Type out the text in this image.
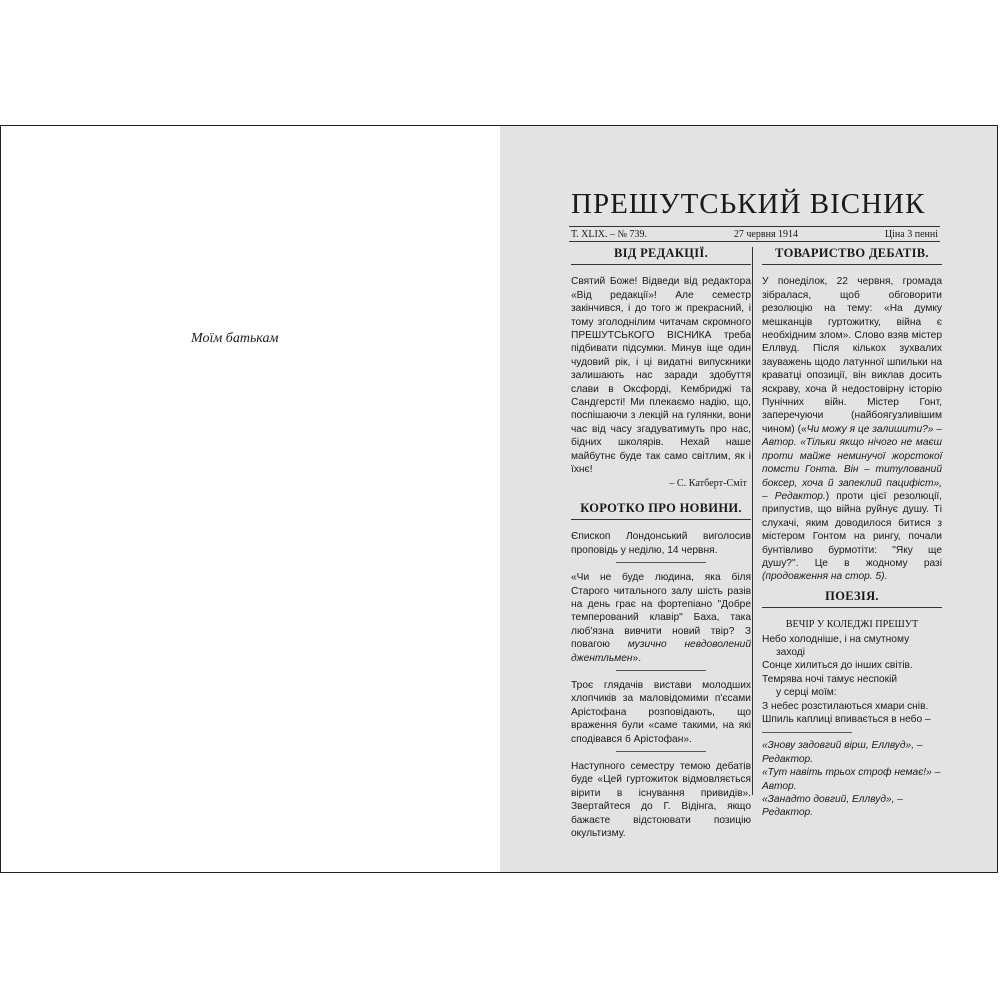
Моїм батькам
ПРЕШУТСЬКИЙ ВІСНИК
Т. XLIX. – № 739.	27 червня 1914	Ціна 3 пенні
ВІД РЕДАКЦІЇ.

Святий Боже! Відведи від редактора «Від редакції»! Але семестр закінчився, і до того ж прекрасний, і тому зголоднілим читачам скромного ПРЕШУТСЬКОГО ВІСНИКА треба підбивати підсумки. Минув іще один чудовий рік, і ці видатні випускники залишають нас заради здобуття слави в Оксфорді, Кембриджі та Сандгерсті! Ми плекаємо надію, що, поспішаючи з лекцій на гулянки, вони час від часу згадуватимуть про нас, бідних школярів. Нехай наше майбутнє буде так само світлим, як і їхнє!

– С. Катберт-Сміт

КОРОТКО ПРО НОВИНИ.

Єпископ Лондонський виголосив проповідь у неділю, 14 червня.

«Чи не буде людина, яка біля Старого читального залу шість разів на день грає на фортепіано "Добре темперований клавір" Баха, така люб'язна вивчити новий твір? З повагою музично невдоволений джентльмен».

Троє глядачів вистави молодших хлопчиків за маловідомими п'єсами Арістофана розповідають, що враження були «саме такими, на які сподівався б Арістофан».

Наступного семестру темою дебатів буде «Цей гуртожиток відмовляється вірити в існування привидів». Звертайтеся до Г. Відінга, якщо бажаєте відстоювати позицію окультизму.

ТОВАРИСТВО ДЕБАТІВ.

У понеділок, 22 червня, громада зібралася, щоб обговорити резолюцію на тему: «На думку мешканців гуртожитку, війна є необхідним злом». Слово взяв містер Еллвуд. Після кількох зухвалих зауважень щодо латунної шпильки на краватці опозиції, він виклав досить яскраву, хоча й недостовірну історію Пунічних війн. Містер Гонт, заперечуючи (найбоягузливішим чином) («Чи можу я це залишити?» – Автор. «Тільки якщо нічого не маєш проти майже неминучої жорстокої помсти Гонта. Він – титулований боксер, хоча й запеклий пацифіст», – Редактор.) проти цієї резолюції, припустив, що війна руйнує душу. Ті слухачі, яким доводилося битися з містером Гонтом на рингу, почали бунтівливо бурмотіти: "Яку ще душу?". Це в жодному разі (продовження на стор. 5).

ПОЕЗІЯ.

ВЕЧІР У КОЛЕДЖІ ПРЕШУТ

Небо холодніше, і на смутному

заході

Сонце хилиться до інших світів.

Темрява ночі тамує неспокій

у серці моїм:

З небес розстилаються хмари снів.

Шпиль каплиці впивається в небо –

«Знову задовгий вірш, Еллвуд», – Редактор.

«Тут навіть трьох строф немає!» – Автор.

«Занадто довгий, Еллвуд», – Редактор.
